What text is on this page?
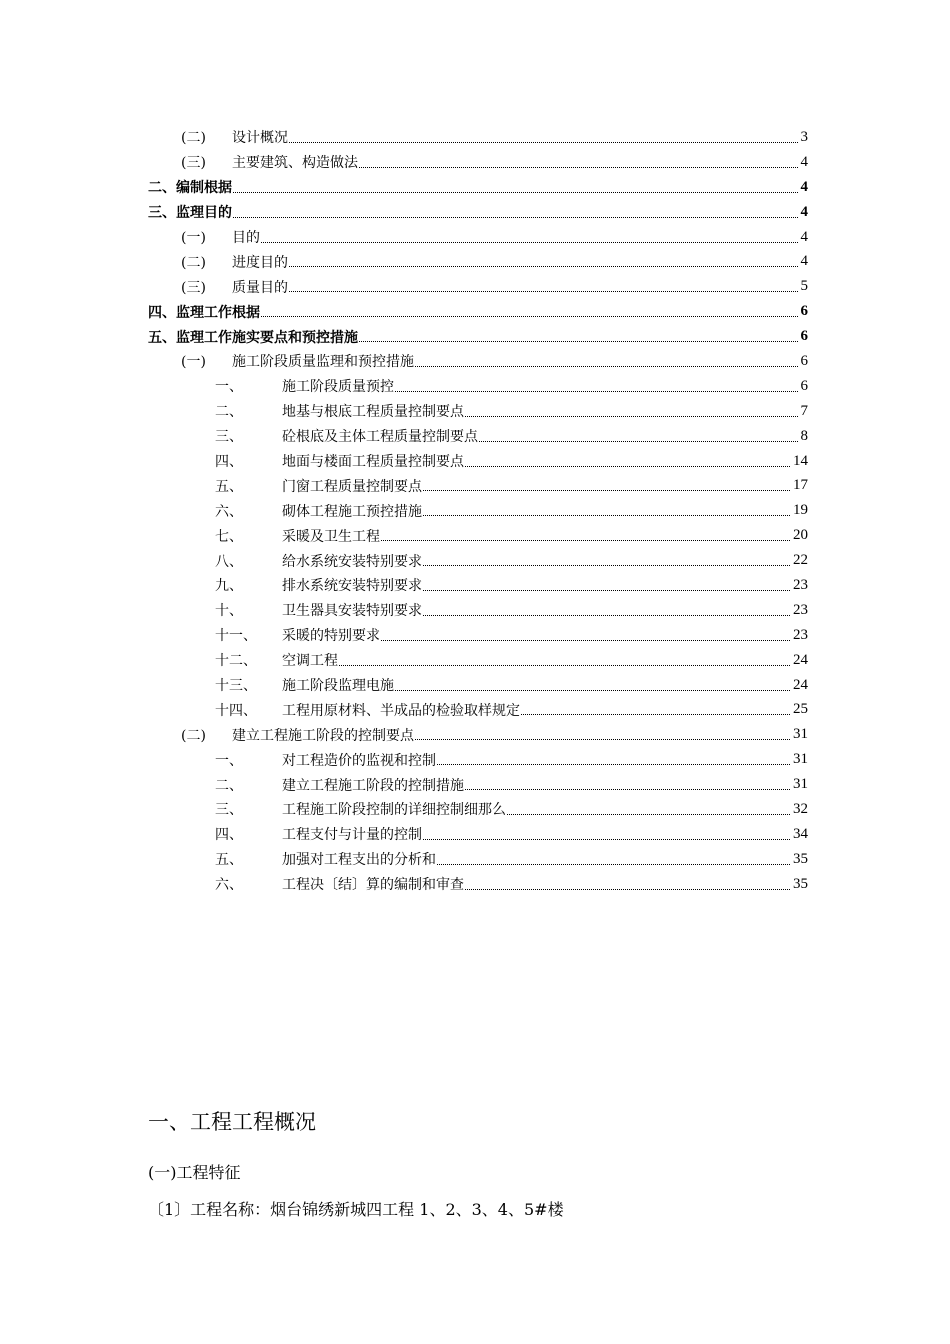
(二) 设计概况	3
(三) 主要建筑、构造做法	4
二、编制根据	4
三、监理目的	4
(一) 目的	4
(二) 进度目的	4
(三) 质量目的	5
四、监理工作根据	6
五、监理工作施实要点和预控措施	6
(一) 施工阶段质量监理和预控措施	6
一、	施工阶段质量预控	6
二、	地基与根底工程质量控制要点	7
三、	砼根底及主体工程质量控制要点	8
四、	地面与楼面工程质量控制要点	14
五、	门窗工程质量控制要点	17
六、	砌体工程施工预控措施	19
七、	采暖及卫生工程	20
八、	给水系统安装特别要求	22
九、	排水系统安装特别要求	23
十、	卫生器具安装特别要求	23
十一、 采暖的特别要求	23
十二、 空调工程	24
十三、 施工阶段监理电施	24
十四、 工程用原材料、半成品的检验取样规定	25
(二) 建立工程施工阶段的控制要点	31
一、	对工程造价的监视和控制	31
二、	建立工程施工阶段的控制措施	31
三、	工程施工阶段控制的详细控制细那么	32
四、	工程支付与计量的控制	34
五、	加强对工程支出的分析和	35
六、	工程决〔结〕算的编制和审查	35
一、工程工程概况
(一)工程特征
〔1〕工程名称：烟台锦绣新城四工程 1、2、3、4、5#楼
